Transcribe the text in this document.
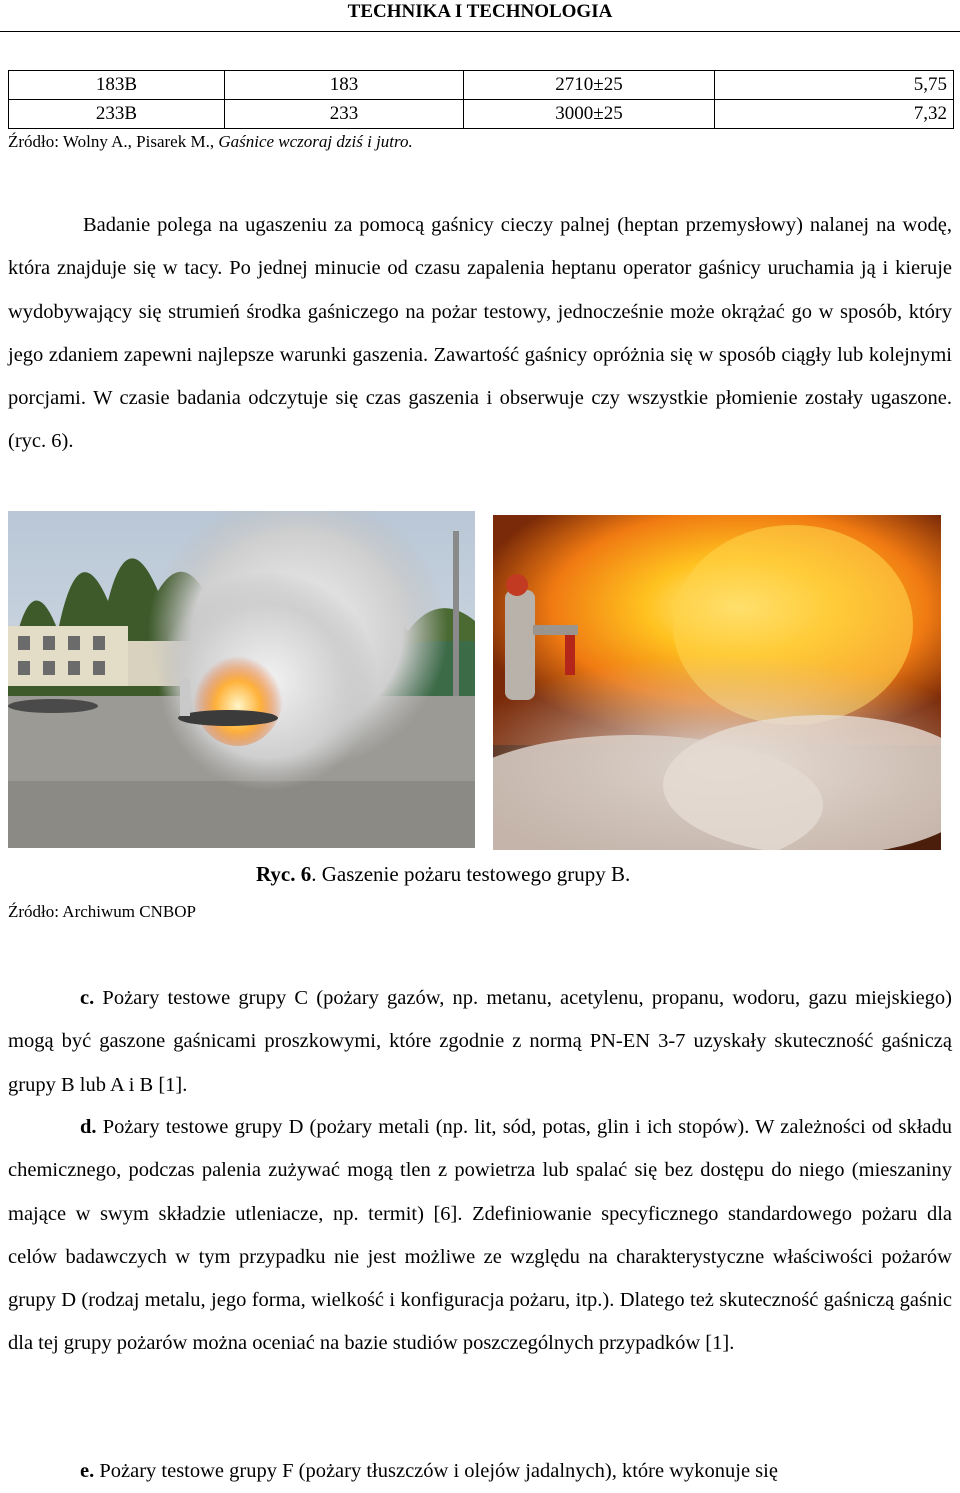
TECHNIKA I TECHNOLOGIA
183B	183	2710±25	5,75
233B	233	3000±25	7,32
Źródło: Wolny A., Pisarek M., Gaśnice wczoraj dziś i jutro.

Badanie polega na ugaszeniu za pomocą gaśnicy cieczy palnej (heptan przemysłowy) nalanej na wodę, która znajduje się w tacy. Po jednej minucie od czasu zapalenia heptanu operator gaśnicy uruchamia ją i kieruje wydobywający się strumień środka gaśniczego na pożar testowy, jednocześnie może okrążać go w sposób, który jego zdaniem zapewni najlepsze warunki gaszenia. Zawartość gaśnicy opróżnia się w sposób ciągły lub kolejnymi porcjami. W czasie badania odczytuje się czas gaszenia i obserwuje czy wszystkie płomienie zostały ugaszone. (ryc. 6).

Ryc. 6. Gaszenie pożaru testowego grupy B.
Źródło: Archiwum CNBOP

c. Pożary testowe grupy C (pożary gazów, np. metanu, acetylenu, propanu, wodoru, gazu miejskiego) mogą być gaszone gaśnicami proszkowymi, które zgodnie z normą PN-EN 3-7 uzyskały skuteczność gaśniczą grupy B lub A i B [1].

d. Pożary testowe grupy D (pożary metali (np. lit, sód, potas, glin i ich stopów). W zależności od składu chemicznego, podczas palenia zużywać mogą tlen z powietrza lub spalać się bez dostępu do niego (mieszaniny mające w swym składzie utleniacze, np. termit) [6]. Zdefiniowanie specyficznego standardowego pożaru dla celów badawczych w tym przypadku nie jest możliwe ze względu na charakterystyczne właściwości pożarów grupy D (rodzaj metalu, jego forma, wielkość i konfiguracja pożaru, itp.). Dlatego też skuteczność gaśniczą gaśnic dla tej grupy pożarów można oceniać na bazie studiów poszczególnych przypadków [1].

e. Pożary testowe grupy F (pożary tłuszczów i olejów jadalnych), które wykonuje się
